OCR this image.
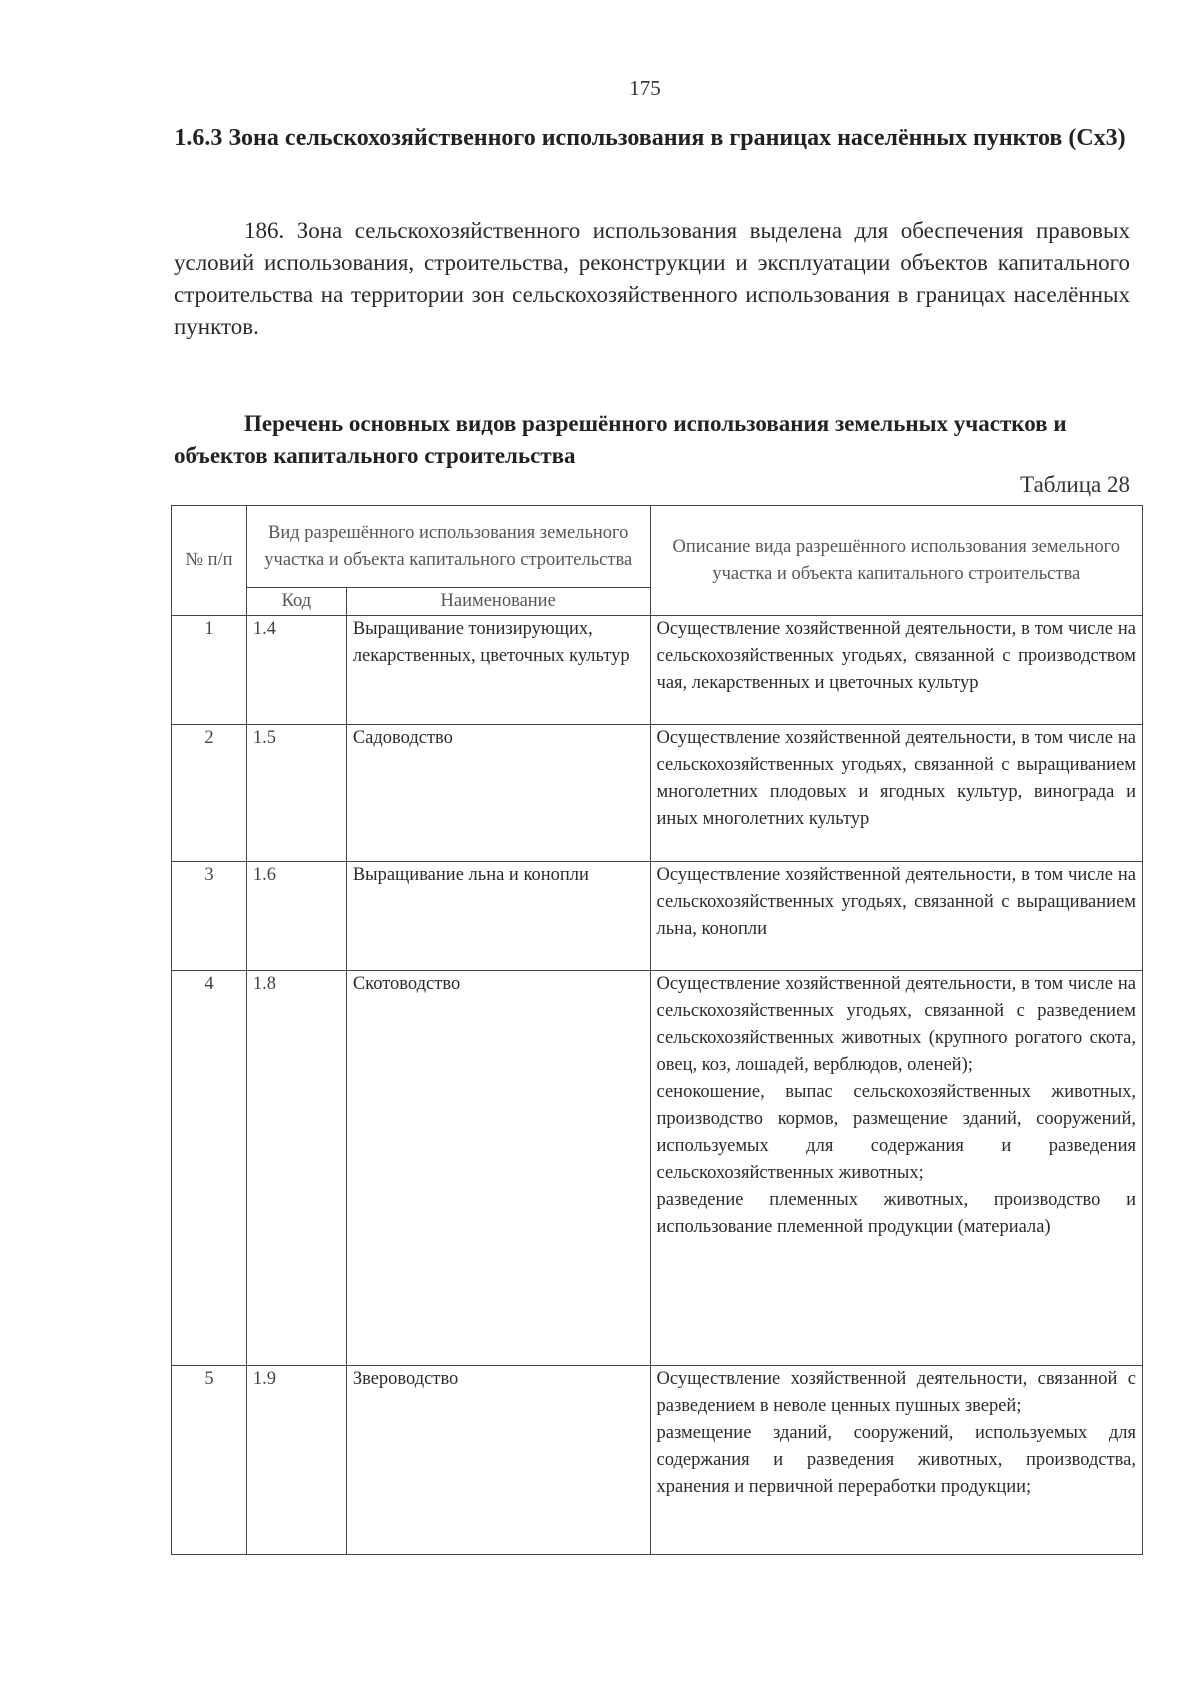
175
1.6.3 Зона сельскохозяйственного использования в границах населённых пунктов (Сх3)
186. Зона сельскохозяйственного использования выделена для обеспечения правовых условий использования, строительства, реконструкции и эксплуатации объектов капитального строительства на территории зон сельскохозяйственного использования в границах населённых пунктов.
Перечень основных видов разрешённого использования земельных участков и объектов капитального строительства
Таблица 28
№ п/п	Вид разрешённого использования земельного участка и объекта капитального строительства		Описание вида разрешённого использования земельного участка и объекта капитального строительства
	Код	Наименование	
1	1.4	Выращивание тонизирующих, лекарственных, цветочных культур	Осуществление хозяйственной деятельности, в том числе на сельскохозяйственных угодьях, связанной с производством чая, лекарственных и цветочных культур

2	1.5	Садоводство	Осуществление хозяйственной деятельности, в том числе на сельскохозяйственных угодьях, связанной с выращиванием многолетних плодовых и ягодных культур, винограда и иных многолетних культур

3	1.6	Выращивание льна и конопли	Осуществление хозяйственной деятельности, в том числе на сельскохозяйственных угодьях, связанной с выращиванием льна, конопли

4	1.8	Скотоводство	Осуществление хозяйственной деятельности, в том числе на сельскохозяйственных угодьях, связанной с разведением сельскохозяйственных животных (крупного рогатого скота, овец, коз, лошадей, верблюдов, оленей);

сенокошение, выпас сельскохозяйственных животных, производство кормов, размещение зданий, сооружений, используемых для содержания и разведения сельскохозяйственных животных;

разведение племенных животных, производство и использование племенной продукции (материала)

5	1.9	Звероводство	Осуществление хозяйственной деятельности, связанной с разведением в неволе ценных пушных зверей;

размещение зданий, сооружений, используемых для содержания и разведения животных, производства, хранения и первичной переработки продукции;
